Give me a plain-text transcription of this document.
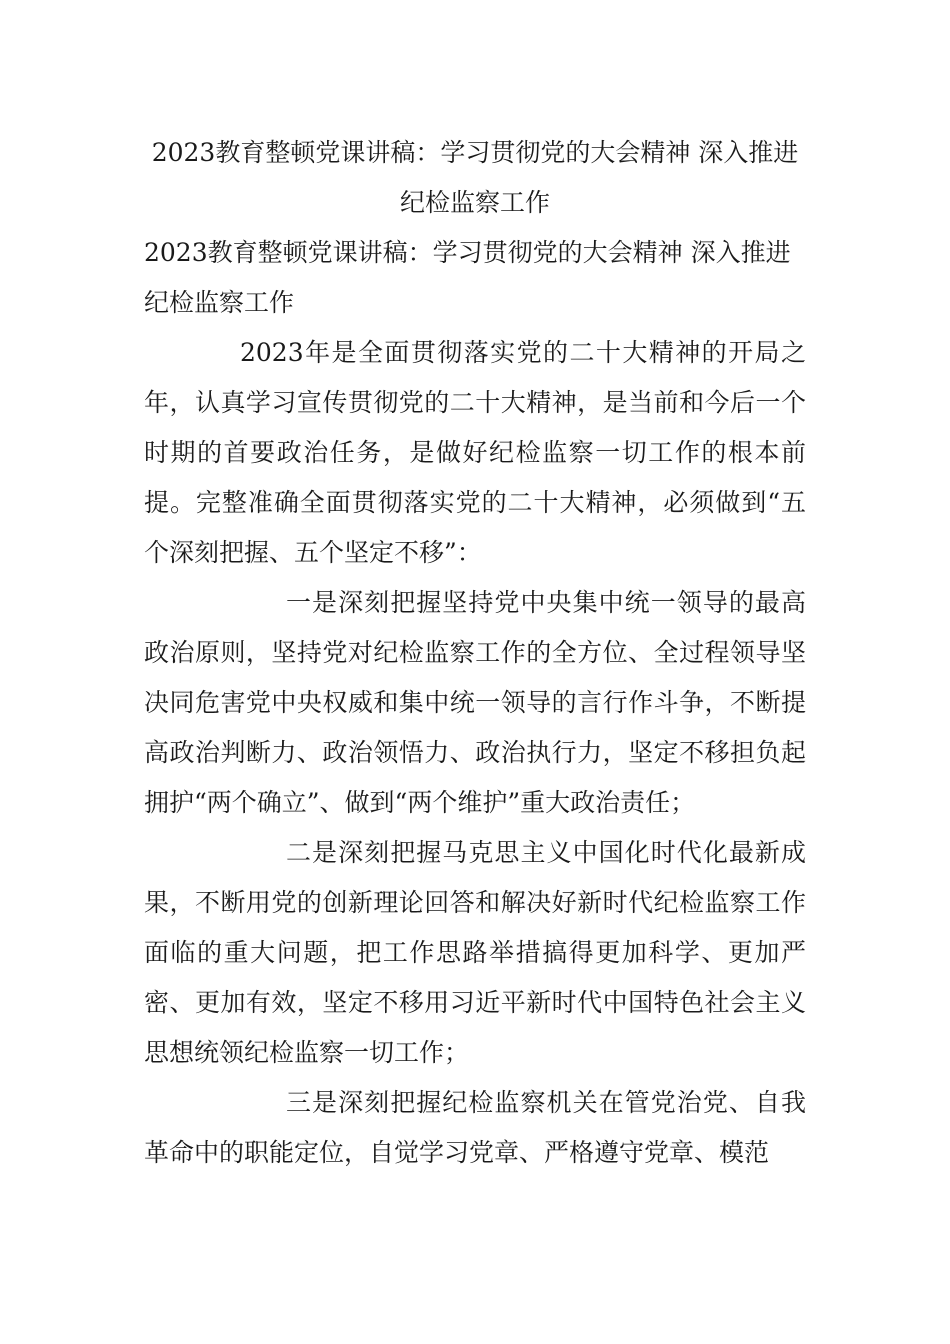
2023教育整顿党课讲稿：学习贯彻党的大会精神 深入推进纪检监察工作
2023教育整顿党课讲稿：学习贯彻党的大会精神 深入推进纪检监察工作

2023年是全面贯彻落实党的二十大精神的开局之年，认真学习宣传贯彻党的二十大精神，是当前和今后一个时期的首要政治任务，是做好纪检监察一切工作的根本前提。完整准确全面贯彻落实党的二十大精神，必须做到“五个深刻把握、五个坚定不移”：

一是深刻把握坚持党中央集中统一领导的最高政治原则，坚持党对纪检监察工作的全方位、全过程领导坚决同危害党中央权威和集中统一领导的言行作斗争，不断提高政治判断力、政治领悟力、政治执行力，坚定不移担负起拥护“两个确立”、做到“两个维护”重大政治责任；

二是深刻把握马克思主义中国化时代化最新成果，不断用党的创新理论回答和解决好新时代纪检监察工作面临的重大问题，把工作思路举措搞得更加科学、更加严密、更加有效，坚定不移用习近平新时代中国特色社会主义思想统领纪检监察一切工作；

三是深刻把握纪检监察机关在管党治党、自我革命中的职能定位，自觉学习党章、严格遵守党章、模范
